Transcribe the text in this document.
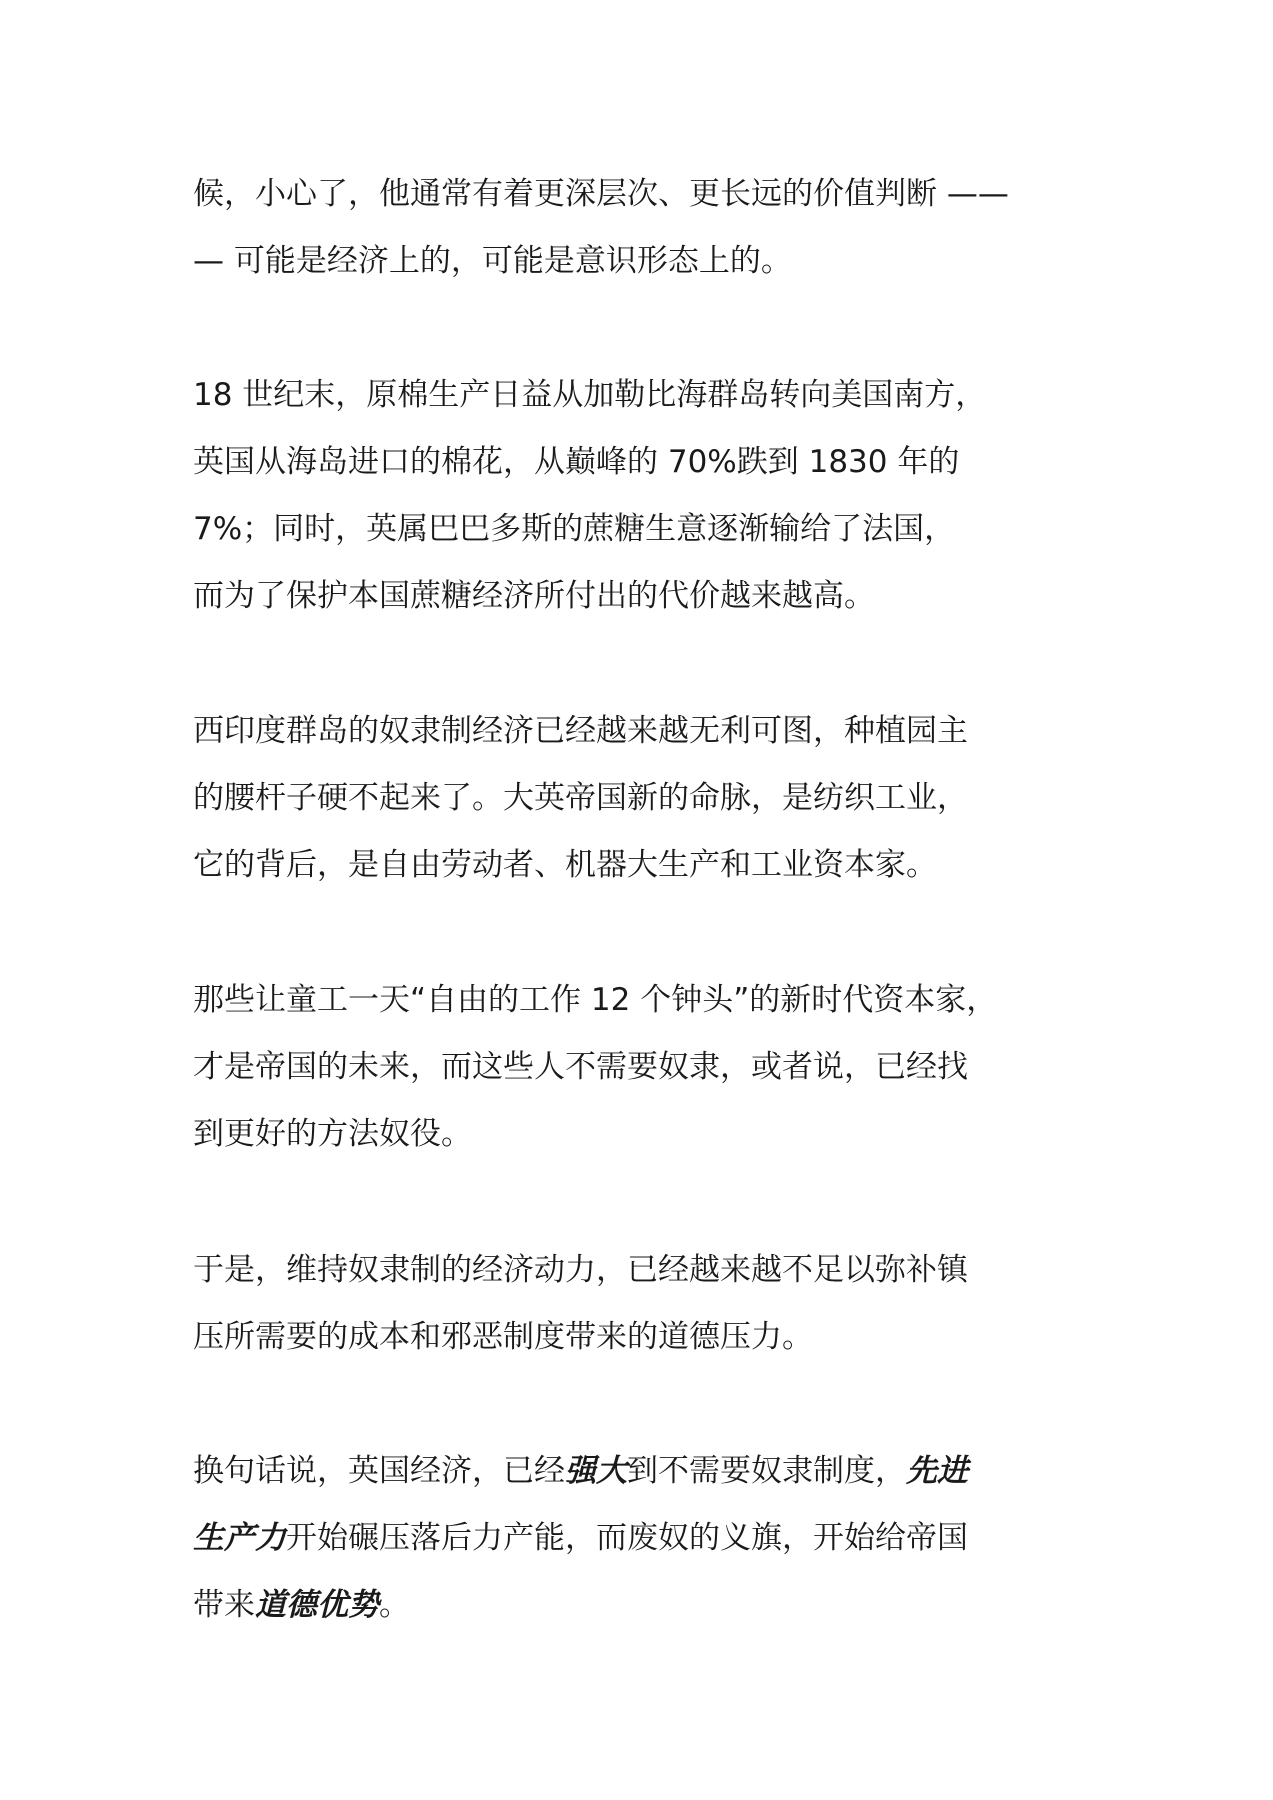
候，小心了，他通常有着更深层次、更长远的价值判断 ——
— 可能是经济上的，可能是意识形态上的。
18 世纪末，原棉生产日益从加勒比海群岛转向美国南方，
英国从海岛进口的棉花，从巅峰的 70%跌到 1830 年的
7%；同时，英属巴巴多斯的蔗糖生意逐渐输给了法国，
而为了保护本国蔗糖经济所付出的代价越来越高。
西印度群岛的奴隶制经济已经越来越无利可图，种植园主
的腰杆子硬不起来了。大英帝国新的命脉，是纺织工业，
它的背后，是自由劳动者、机器大生产和工业资本家。
那些让童工一天“自由的工作 12 个钟头”的新时代资本家，
才是帝国的未来，而这些人不需要奴隶，或者说，已经找
到更好的方法奴役。
于是，维持奴隶制的经济动力，已经越来越不足以弥补镇
压所需要的成本和邪恶制度带来的道德压力。
换句话说，英国经济，已经强大到不需要奴隶制度，先进
生产力开始碾压落后力产能，而废奴的义旗，开始给帝国
带来道德优势。
